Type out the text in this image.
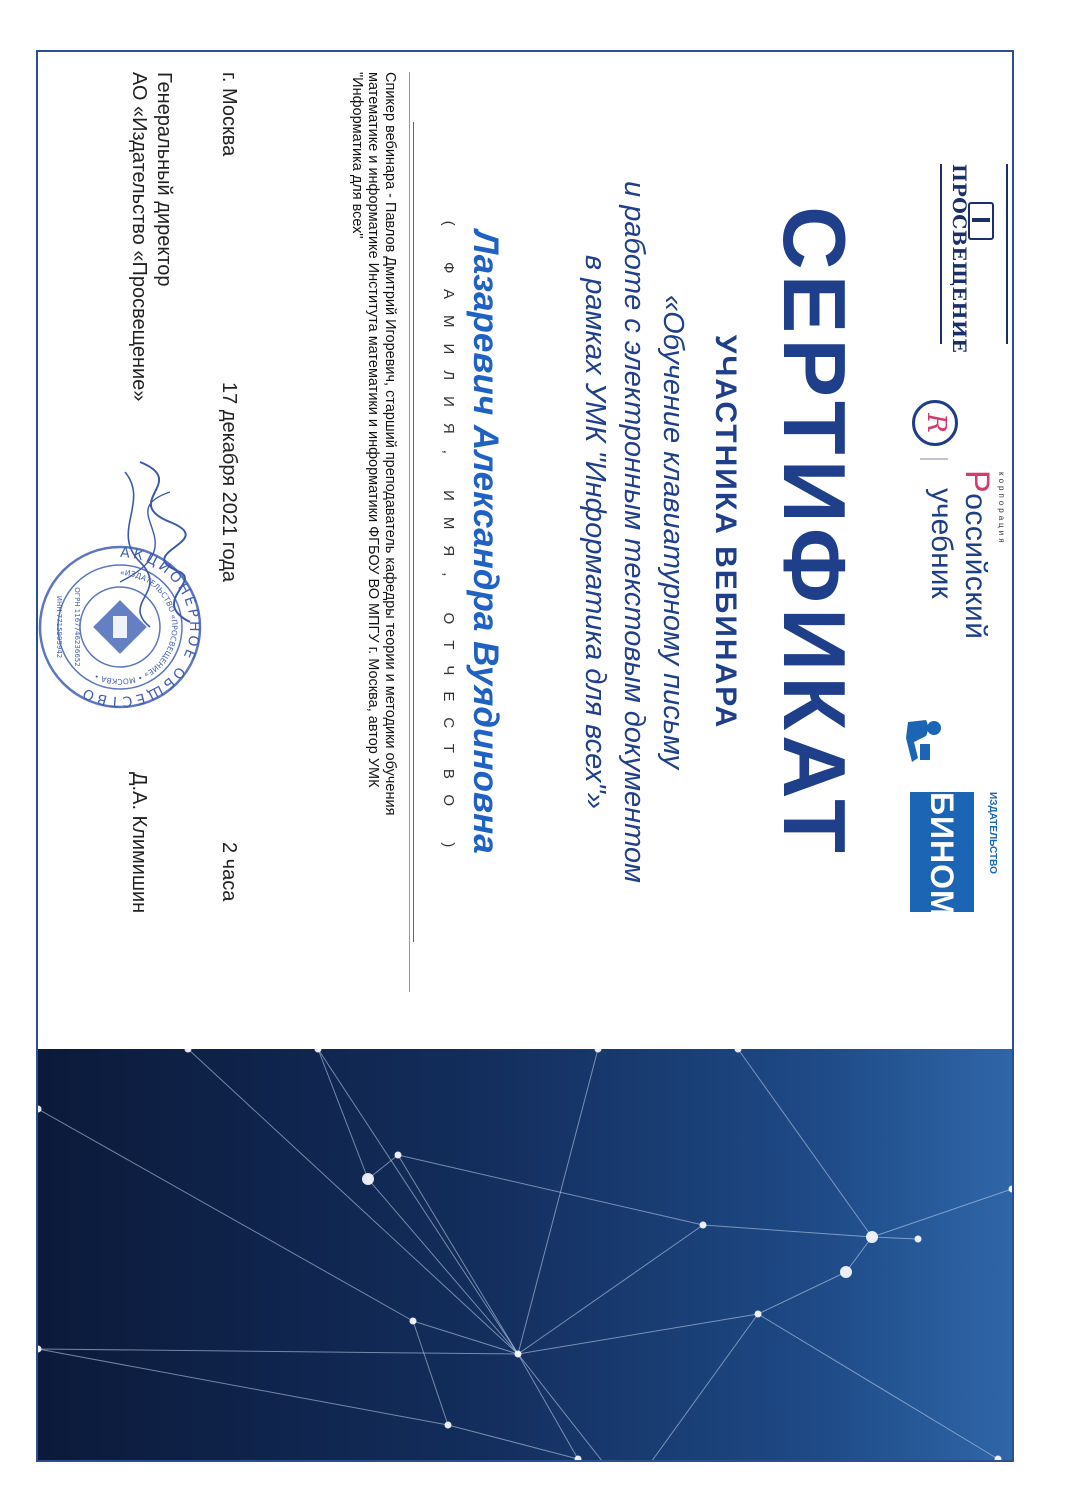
ПРОСВЕЩЕНИЕ
R
корпорация
Российский
учебник
ИЗДАТЕЛЬСТВО
БИНОМ
СЕРТИФИКАТ
УЧАСТНИКА ВЕБИНАРА
«Обучение клавиатурному письму
и работе с электронным текстовым документом
в рамках УМК "Информатика для всех"»
Лазаревич Александра Вуядиновна
( ФАМИЛИЯ, ИМЯ, ОТЧЕСТВО )
Спикер вебинара - Павлов Дмитрий Игоревич, старший преподаватель кафедры теории и методики обучения
математике и информатике Института математики и информатики ФГБОУ ВО МПГУ г. Москва, автор УМК
"Информатика для всех"
г. Москва
17 декабря 2021 года
2 часа
Генеральный директор
АО «Издательство «Просвещение»
Д.А. Климишин
АКЦИОНЕРНОЕ ОБЩЕСТВО
«ИЗДАТЕЛЬСТВО «ПРОСВЕЩЕНИЕ» • МОСКВА •
ОГРН 1167746236652
ИНН 7715995942
